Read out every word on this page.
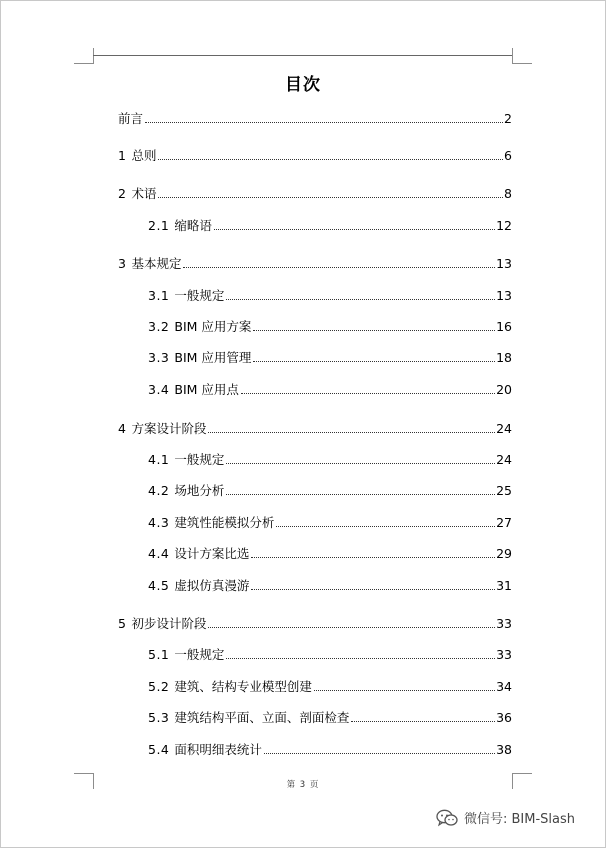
目次
前言	2
1 总则	6
2 术语	8
2.1 缩略语	12
3 基本规定	13
3.1 一般规定	13
3.2 BIM 应用方案	16
3.3 BIM 应用管理	18
3.4 BIM 应用点	20
4 方案设计阶段	24
4.1 一般规定	24
4.2 场地分析	25
4.3 建筑性能模拟分析	27
4.4 设计方案比选	29
4.5 虚拟仿真漫游	31
5 初步设计阶段	33
5.1 一般规定	33
5.2 建筑、结构专业模型创建	34
5.3 建筑结构平面、立面、剖面检查	36
5.4 面积明细表统计	38
第 3 页
微信号: BIM-Slash
